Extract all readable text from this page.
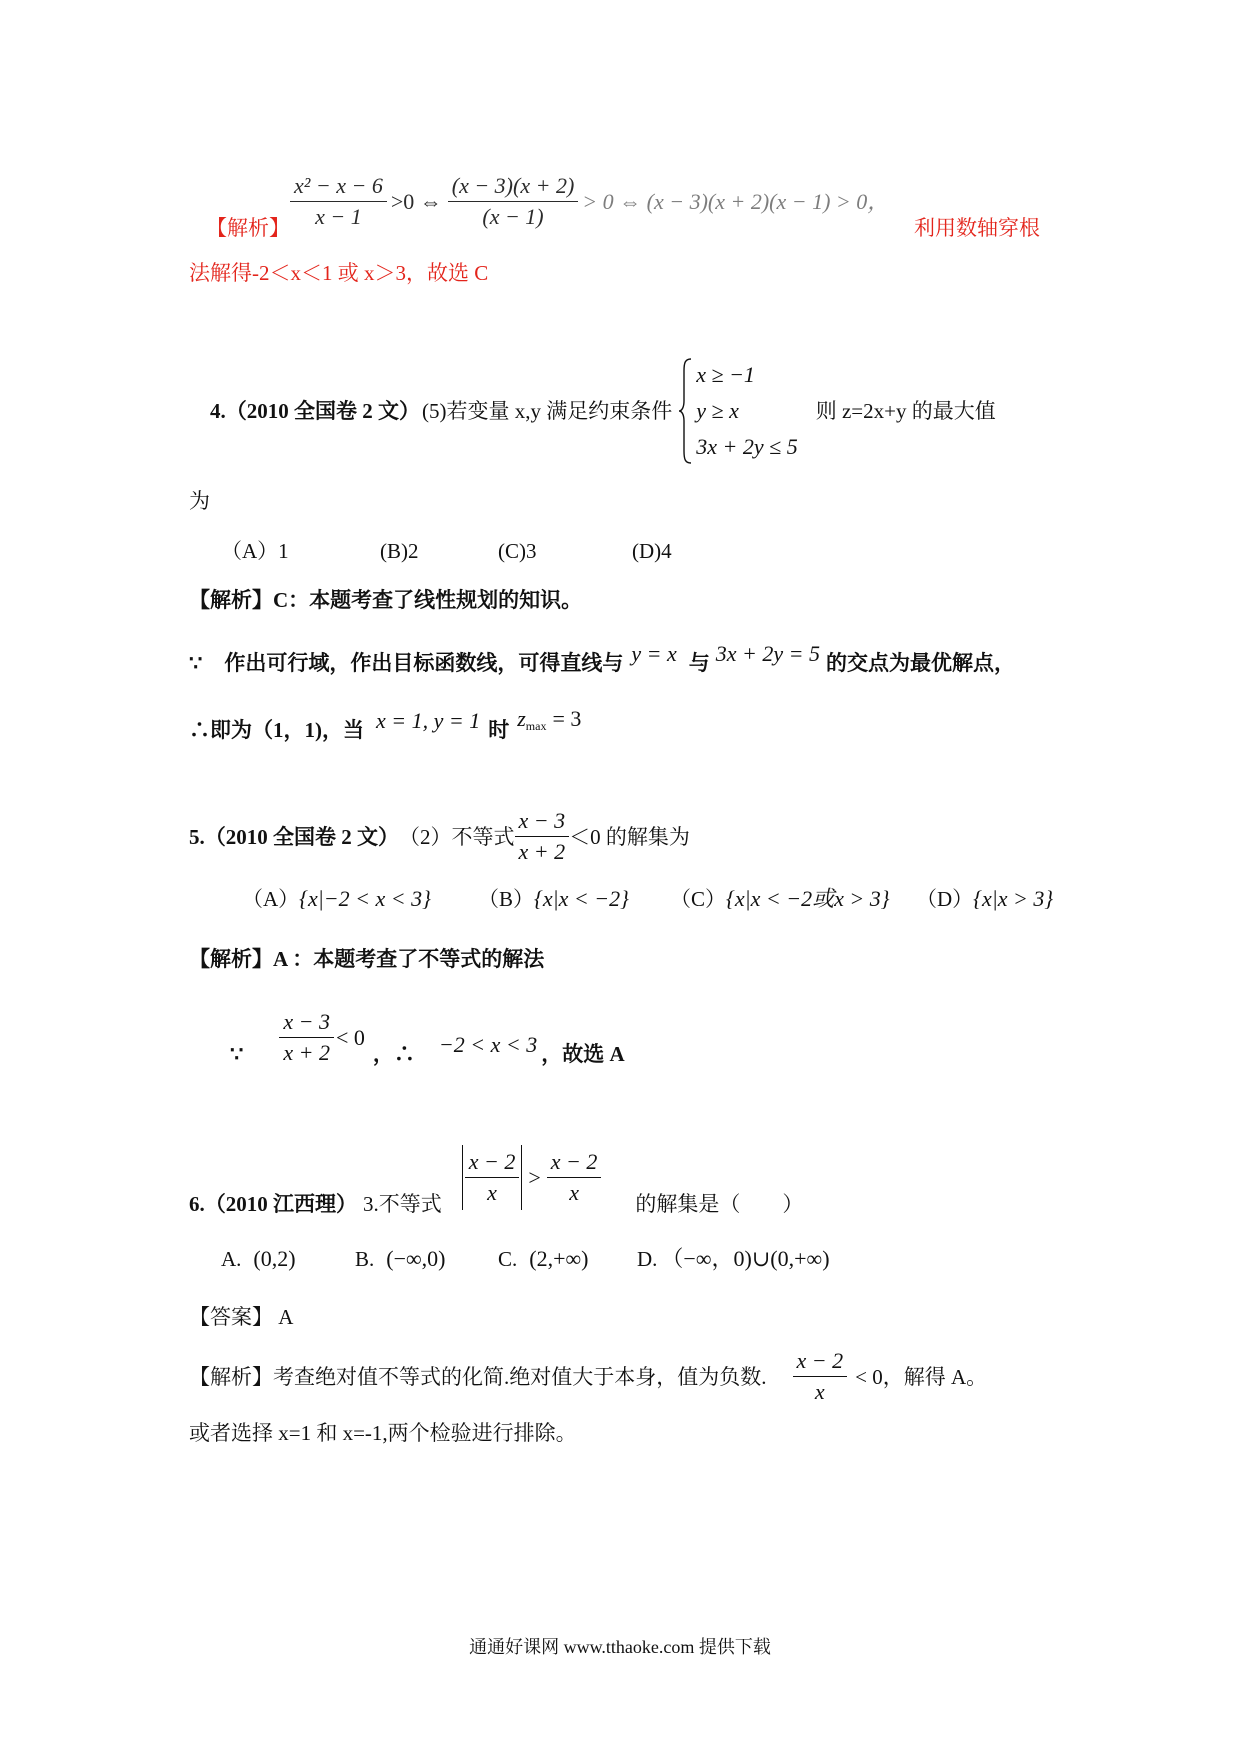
【解析】 $\frac{\text{x² − x − 6}}{x - 1} >0$ ⇔ $\frac{(x - 3)(x + 2)}{(x - 1)} > 0$ ⇔ (x − 3)(x + 2)(x − 1) > 0，
利用数轴穿根
法解得-2＜x＜1 或 x＞3，故选 C
4.（2010 全国卷 2 文） (5)若变量 x,y 满足约束条件
x ≥ −1
y ≥ x
3x + 2y ≤ 5
则 z=2x+y 的最大值
为
（A）1	(B)2	(C)3	(D)4
【解析】C：本题考查了线性规划的知识。
∵ 作出可行域，作出目标函数线，可得直线与 y = x 与 3x + 2y = 5 的交点为最优解点，
∴即为（1，1)，当 x = 1, y = 1 时 zmax = 3
5.（2010 全国卷 2 文） （2）不等式 $\frac{x - 3}{x + 2} <0$ 的解集为
（A）{x|−2 < x < 3} （B）{x|x < −2} （C）{x|x < −2或x > 3} （D）{x|x > 3}
【解析】A ：本题考查了不等式的解法
∵ $\frac{x - 3}{x + 2} < 0$
，∴ −2 < x < 3 ，故选 A
6.（2010 江西理） 3.不等式 $\frac{x - 2}{x} > \frac{x - 2}{x}$ 的解集是（　　）
A. (0,2)	B. (−∞,0) C. (2,+∞) D. （−∞，0)∪(0,+∞)
【答案】 A
【解析】考查绝对值不等式的化简.绝对值大于本身，值为负数. $\frac{x - 2}{x} < 0$，解得 A。
或者选择 x=1 和 x=-1,两个检验进行排除。
通通好课网 www.tthaoke.com 提供下载
